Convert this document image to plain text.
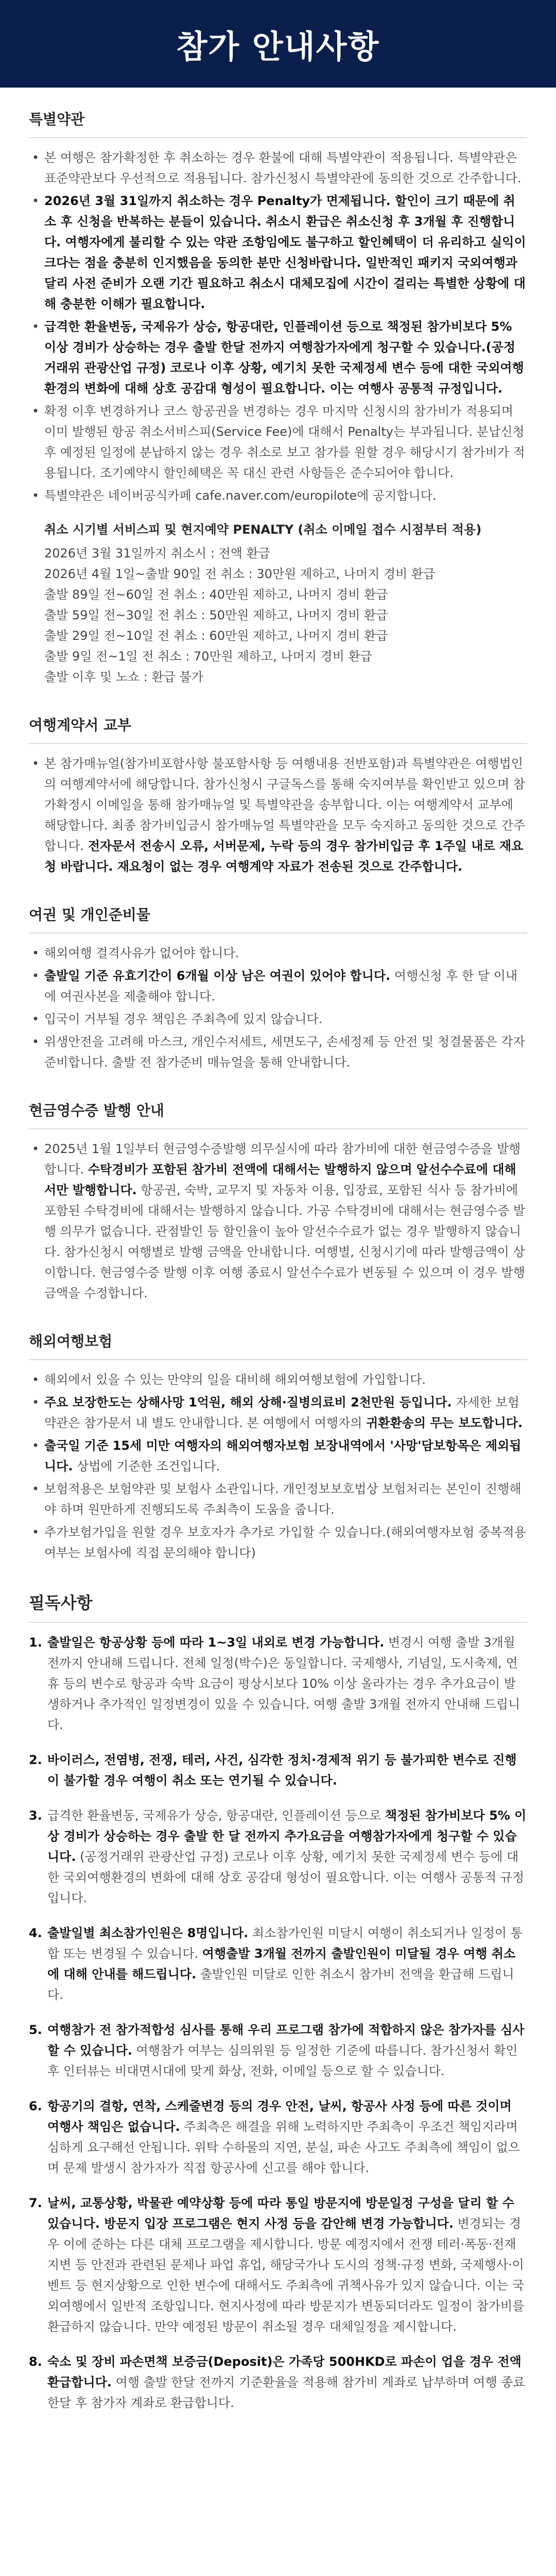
참가 안내사항
특별약관
• 본 여행은 참가확정한 후 취소하는 경우 환불에 대해 특별약관이 적용됩니다. 특별약관은 표준약관보다 우선적으로 적용됩니다. 참가신청시 특별약관에 동의한 것으로 간주합니다.
• 2026년 3월 31일까지 취소하는 경우 Penalty가 면제됩니다. 할인이 크기 때문에 취소 후 신청을 반복하는 분들이 있습니다. 취소시 환급은 취소신청 후 3개월 후 진행합니다. 여행자에게 불리할 수 있는 약관 조항임에도 불구하고 할인혜택이 더 유리하고 실익이 크다는 점을 충분히 인지했음을 동의한 분만 신청바랍니다. 일반적인 패키지 국외여행과 달리 사전 준비가 오랜 기간 필요하고 취소시 대체모집에 시간이 걸리는 특별한 상황에 대해 충분한 이해가 필요합니다.
• 급격한 환율변동, 국제유가 상승, 항공대란, 인플레이션 등으로 책정된 참가비보다 5% 이상 경비가 상승하는 경우 출발 한달 전까지 여행참가자에게 청구할 수 있습니다.(공정거래위 관광산업 규정) 코로나 이후 상황, 예기치 못한 국제정세 변수 등에 대한 국외여행환경의 변화에 대해 상호 공감대 형성이 필요합니다. 이는 여행사 공통적 규정입니다.
• 확정 이후 변경하거나 코스 항공권을 변경하는 경우 마지막 신청시의 참가비가 적용되며 이미 발행된 항공 취소서비스피(Service Fee)에 대해서 Penalty는 부과됩니다. 분납신청 후 예정된 일정에 분납하지 않는 경우 취소로 보고 참가를 원할 경우 해당시기 참가비가 적용됩니다. 조기예약시 할인혜택은 꼭 대신 관련 사항들은 준수되어야 합니다.
• 특별약관은 네이버공식카페 cafe.naver.com/europilote에 공지합니다.
취소 시기별 서비스피 및 현지예약 PENALTY (취소 이메일 접수 시점부터 적용)
2026년 3월 31일까지 취소시 : 전액 환급
2026년 4월 1일~출발 90일 전 취소 : 30만원 제하고, 나머지 경비 환급
출발 89일 전~60일 전 취소 : 40만원 제하고, 나머지 경비 환급
출발 59일 전~30일 전 취소 : 50만원 제하고, 나머지 경비 환급
출발 29일 전~10일 전 취소 : 60만원 제하고, 나머지 경비 환급
출발 9일 전~1일 전 취소 : 70만원 제하고, 나머지 경비 환급
출발 이후 및 노쇼 : 환급 불가
여행계약서 교부
• 본 참가매뉴얼(참가비포함사항 불포함사항 등 여행내용 전반포함)과 특별약관은 여행법인의 여행계약서에 해당합니다. 참가신청시 구글독스를 통해 숙지여부를 확인받고 있으며 참가확정시 이메일을 통해 참가매뉴얼 및 특별약관을 송부합니다. 이는 여행계약서 교부에 해당합니다. 최종 참가비입금시 참가매뉴얼 특별약관을 모두 숙지하고 동의한 것으로 간주합니다. 전자문서 전송시 오류, 서버문제, 누락 등의 경우 참가비입금 후 1주일 내로 재요청 바랍니다. 재요청이 없는 경우 여행계약 자료가 전송된 것으로 간주합니다.
여권 및 개인준비물
• 해외여행 결격사유가 없어야 합니다.
• 출발일 기준 유효기간이 6개월 이상 남은 여권이 있어야 합니다. 여행신청 후 한 달 이내에 여권사본을 제출해야 합니다.
• 입국이 거부될 경우 책임은 주최측에 있지 않습니다.
• 위생안전을 고려해 마스크, 개인수저세트, 세면도구, 손세정제 등 안전 및 청결물품은 각자 준비합니다. 출발 전 참가준비 매뉴얼을 통해 안내합니다.
현금영수증 발행 안내
• 2025년 1월 1일부터 현금영수증발행 의무실시에 따라 참가비에 대한 현금영수증을 발행합니다. 수탁경비가 포함된 참가비 전액에 대해서는 발행하지 않으며 알선수수료에 대해서만 발행합니다. 항공권, 숙박, 교무지 및 자동차 이용, 입장료, 포함된 식사 등 참가비에 포함된 수탁경비에 대해서는 발행하지 않습니다. 가공 수탁경비에 대해서는 현금영수증 발행 의무가 없습니다. 관점발인 등 할인율이 높아 알선수수료가 없는 경우 발행하지 않습니다. 참가신청시 여행별로 발행 금액을 안내합니다. 여행별, 신청시기에 따라 발행금액이 상이합니다. 현금영수증 발행 이후 여행 종료시 알선수수료가 변동될 수 있으며 이 경우 발행금액을 수정합니다.
해외여행보험
• 해외에서 있을 수 있는 만약의 일을 대비해 해외여행보험에 가입합니다.
• 주요 보장한도는 상해사망 1억원, 해외 상해·질병의료비 2천만원 등입니다. 자세한 보험약관은 참가문서 내 별도 안내합니다. 본 여행에서 여행자의 귀환환송의 무는 보도합니다.
• 출국일 기준 15세 미만 여행자의 해외여행자보험 보장내역에서 '사망'담보항목은 제외됩니다. 상법에 기준한 조건입니다.
• 보험적용은 보험약관 및 보험사 소관입니다. 개인정보보호법상 보험처리는 본인이 진행해야 하며 원만하게 진행되도록 주최측이 도움을 줍니다.
• 추가보험가입을 원할 경우 보호자가 추가로 가입할 수 있습니다.(해외여행자보험 중복적용 여부는 보험사에 직접 문의해야 합니다)
필독사항
1. 출발일은 항공상황 등에 따라 1~3일 내외로 변경 가능합니다. 변경시 여행 출발 3개월 전까지 안내해 드립니다. 전체 일정(박수)은 동일합니다. 국제행사, 기념일, 도시축제, 연휴 등의 변수로 항공과 숙박 요금이 평상시보다 10% 이상 올라가는 경우 추가요금이 발생하거나 추가적인 일정변경이 있을 수 있습니다. 여행 출발 3개월 전까지 안내해 드립니다.
2. 바이러스, 전염병, 전쟁, 테러, 사건, 심각한 정치·경제적 위기 등 불가피한 변수로 진행이 불가할 경우 여행이 취소 또는 연기될 수 있습니다.
3. 급격한 환율변동, 국제유가 상승, 항공대란, 인플레이션 등으로 책정된 참가비보다 5% 이상 경비가 상승하는 경우 출발 한 달 전까지 추가요금을 여행참가자에게 청구할 수 있습니다. (공정거래위 관광산업 규정) 코로나 이후 상황, 예기치 못한 국제정세 변수 등에 대한 국외여행환경의 변화에 대해 상호 공감대 형성이 필요합니다. 이는 여행사 공통적 규정입니다.
4. 출발일별 최소참가인원은 8명입니다. 최소참가인원 미달시 여행이 취소되거나 일정이 통합 또는 변경될 수 있습니다. 여행출발 3개월 전까지 출발인원이 미달될 경우 여행 취소에 대해 안내를 해드립니다. 출발인원 미달로 인한 취소시 참가비 전액을 환급해 드립니다.
5. 여행참가 전 참가적합성 심사를 통해 우리 프로그램 참가에 적합하지 않은 참가자를 심사할 수 있습니다. 여행참가 여부는 심의위원 등 일정한 기준에 따릅니다. 참가신청서 확인 후 인터뷰는 비대면시대에 맞게 화상, 전화, 이메일 등으로 할 수 있습니다.
6. 항공기의 결항, 연착, 스케줄변경 등의 경우 안전, 날씨, 항공사 사정 등에 따른 것이며 여행사 책임은 없습니다. 주최측은 해결을 위해 노력하지만 주최측이 우조건 책임지라며 심하게 요구해선 안됩니다. 위탁 수하물의 지연, 분실, 파손 사고도 주최측에 책임이 없으며 문제 발생시 참가자가 직접 항공사에 신고를 해야 합니다.
7. 날씨, 교통상황, 박물관 예약상황 등에 따라 통일 방문지에 방문일정 구성을 달리 할 수 있습니다. 방문지 입장 프로그램은 현지 사정 등을 감안해 변경 가능합니다. 변경되는 경우 이에 준하는 다른 대체 프로그램을 제시합니다. 방문 예정지에서 전쟁 테러·폭동·전재지변 등 안전과 관련된 문제나 파업 휴업, 해당국가나 도시의 정책·규정 변화, 국제행사·이벤트 등 현지상황으로 인한 변수에 대해서도 주최측에 귀책사유가 있지 않습니다. 이는 국외여행에서 일반적 조항입니다. 현지사정에 따라 방문지가 변동되더라도 일정이 참가비를 환급하지 않습니다. 만약 예정된 방문이 취소될 경우 대체일정을 제시합니다.
8. 숙소 및 장비 파손면책 보증금(Deposit)은 가족당 500HKD로 파손이 업을 경우 전액 환급합니다. 여행 출발 한달 전까지 기준환율을 적용해 참가비 계좌로 납부하며 여행 종료 한달 후 참가자 계좌로 환급합니다.
